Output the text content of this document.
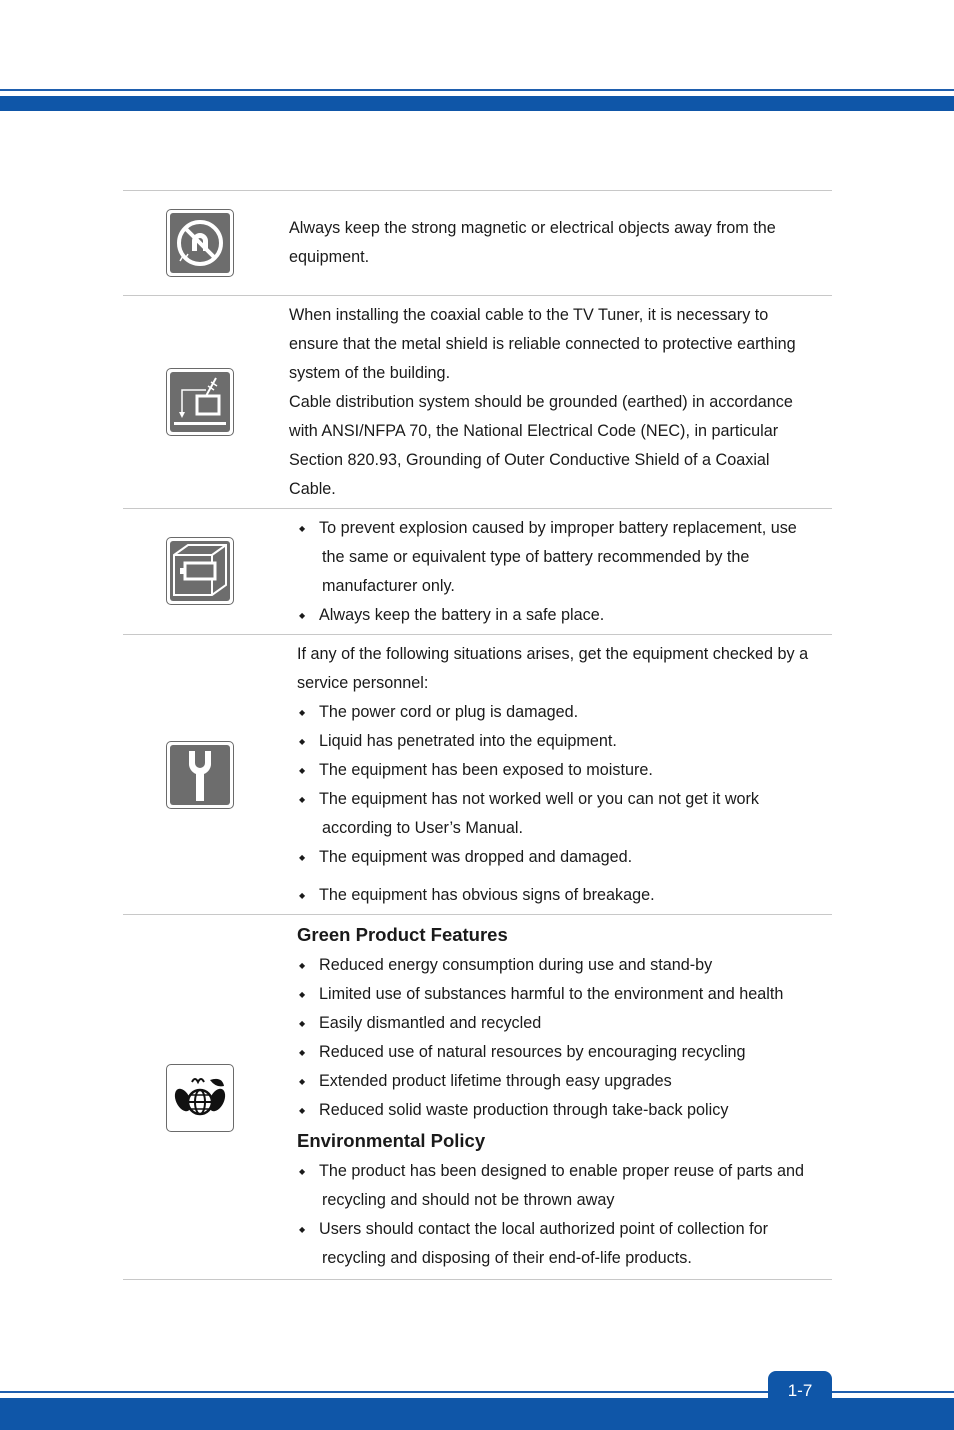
Always keep the strong magnetic or electrical objects away from the
equipment.
When installing the coaxial cable to the TV Tuner, it is necessary to
ensure that the metal shield is reliable connected to protective earthing
system of the building.
Cable distribution system should be grounded (earthed) in accordance
with ANSI/NFPA 70, the National Electrical Code (NEC), in particular
Section 820.93, Grounding of Outer Conductive Shield of a Coaxial
Cable.
◆ To prevent explosion caused by improper battery replacement, use
the same or equivalent type of battery recommended by the
manufacturer only.
◆ Always keep the battery in a safe place.
If any of the following situations arises, get the equipment checked by a
service personnel:
◆ The power cord or plug is damaged.
◆ Liquid has penetrated into the equipment.
◆ The equipment has been exposed to moisture.
◆ The equipment has not worked well or you can not get it work
according to User’s Manual.
◆ The equipment was dropped and damaged.
◆ The equipment has obvious signs of breakage.
Green Product Features
◆ Reduced energy consumption during use and stand-by
◆ Limited use of substances harmful to the environment and health
◆ Easily dismantled and recycled
◆ Reduced use of natural resources by encouraging recycling
◆ Extended product lifetime through easy upgrades
◆ Reduced solid waste production through take-back policy
Environmental Policy
◆ The product has been designed to enable proper reuse of parts and
recycling and should not be thrown away
◆ Users should contact the local authorized point of collection for
recycling and disposing of their end-of-life products.
1-7
